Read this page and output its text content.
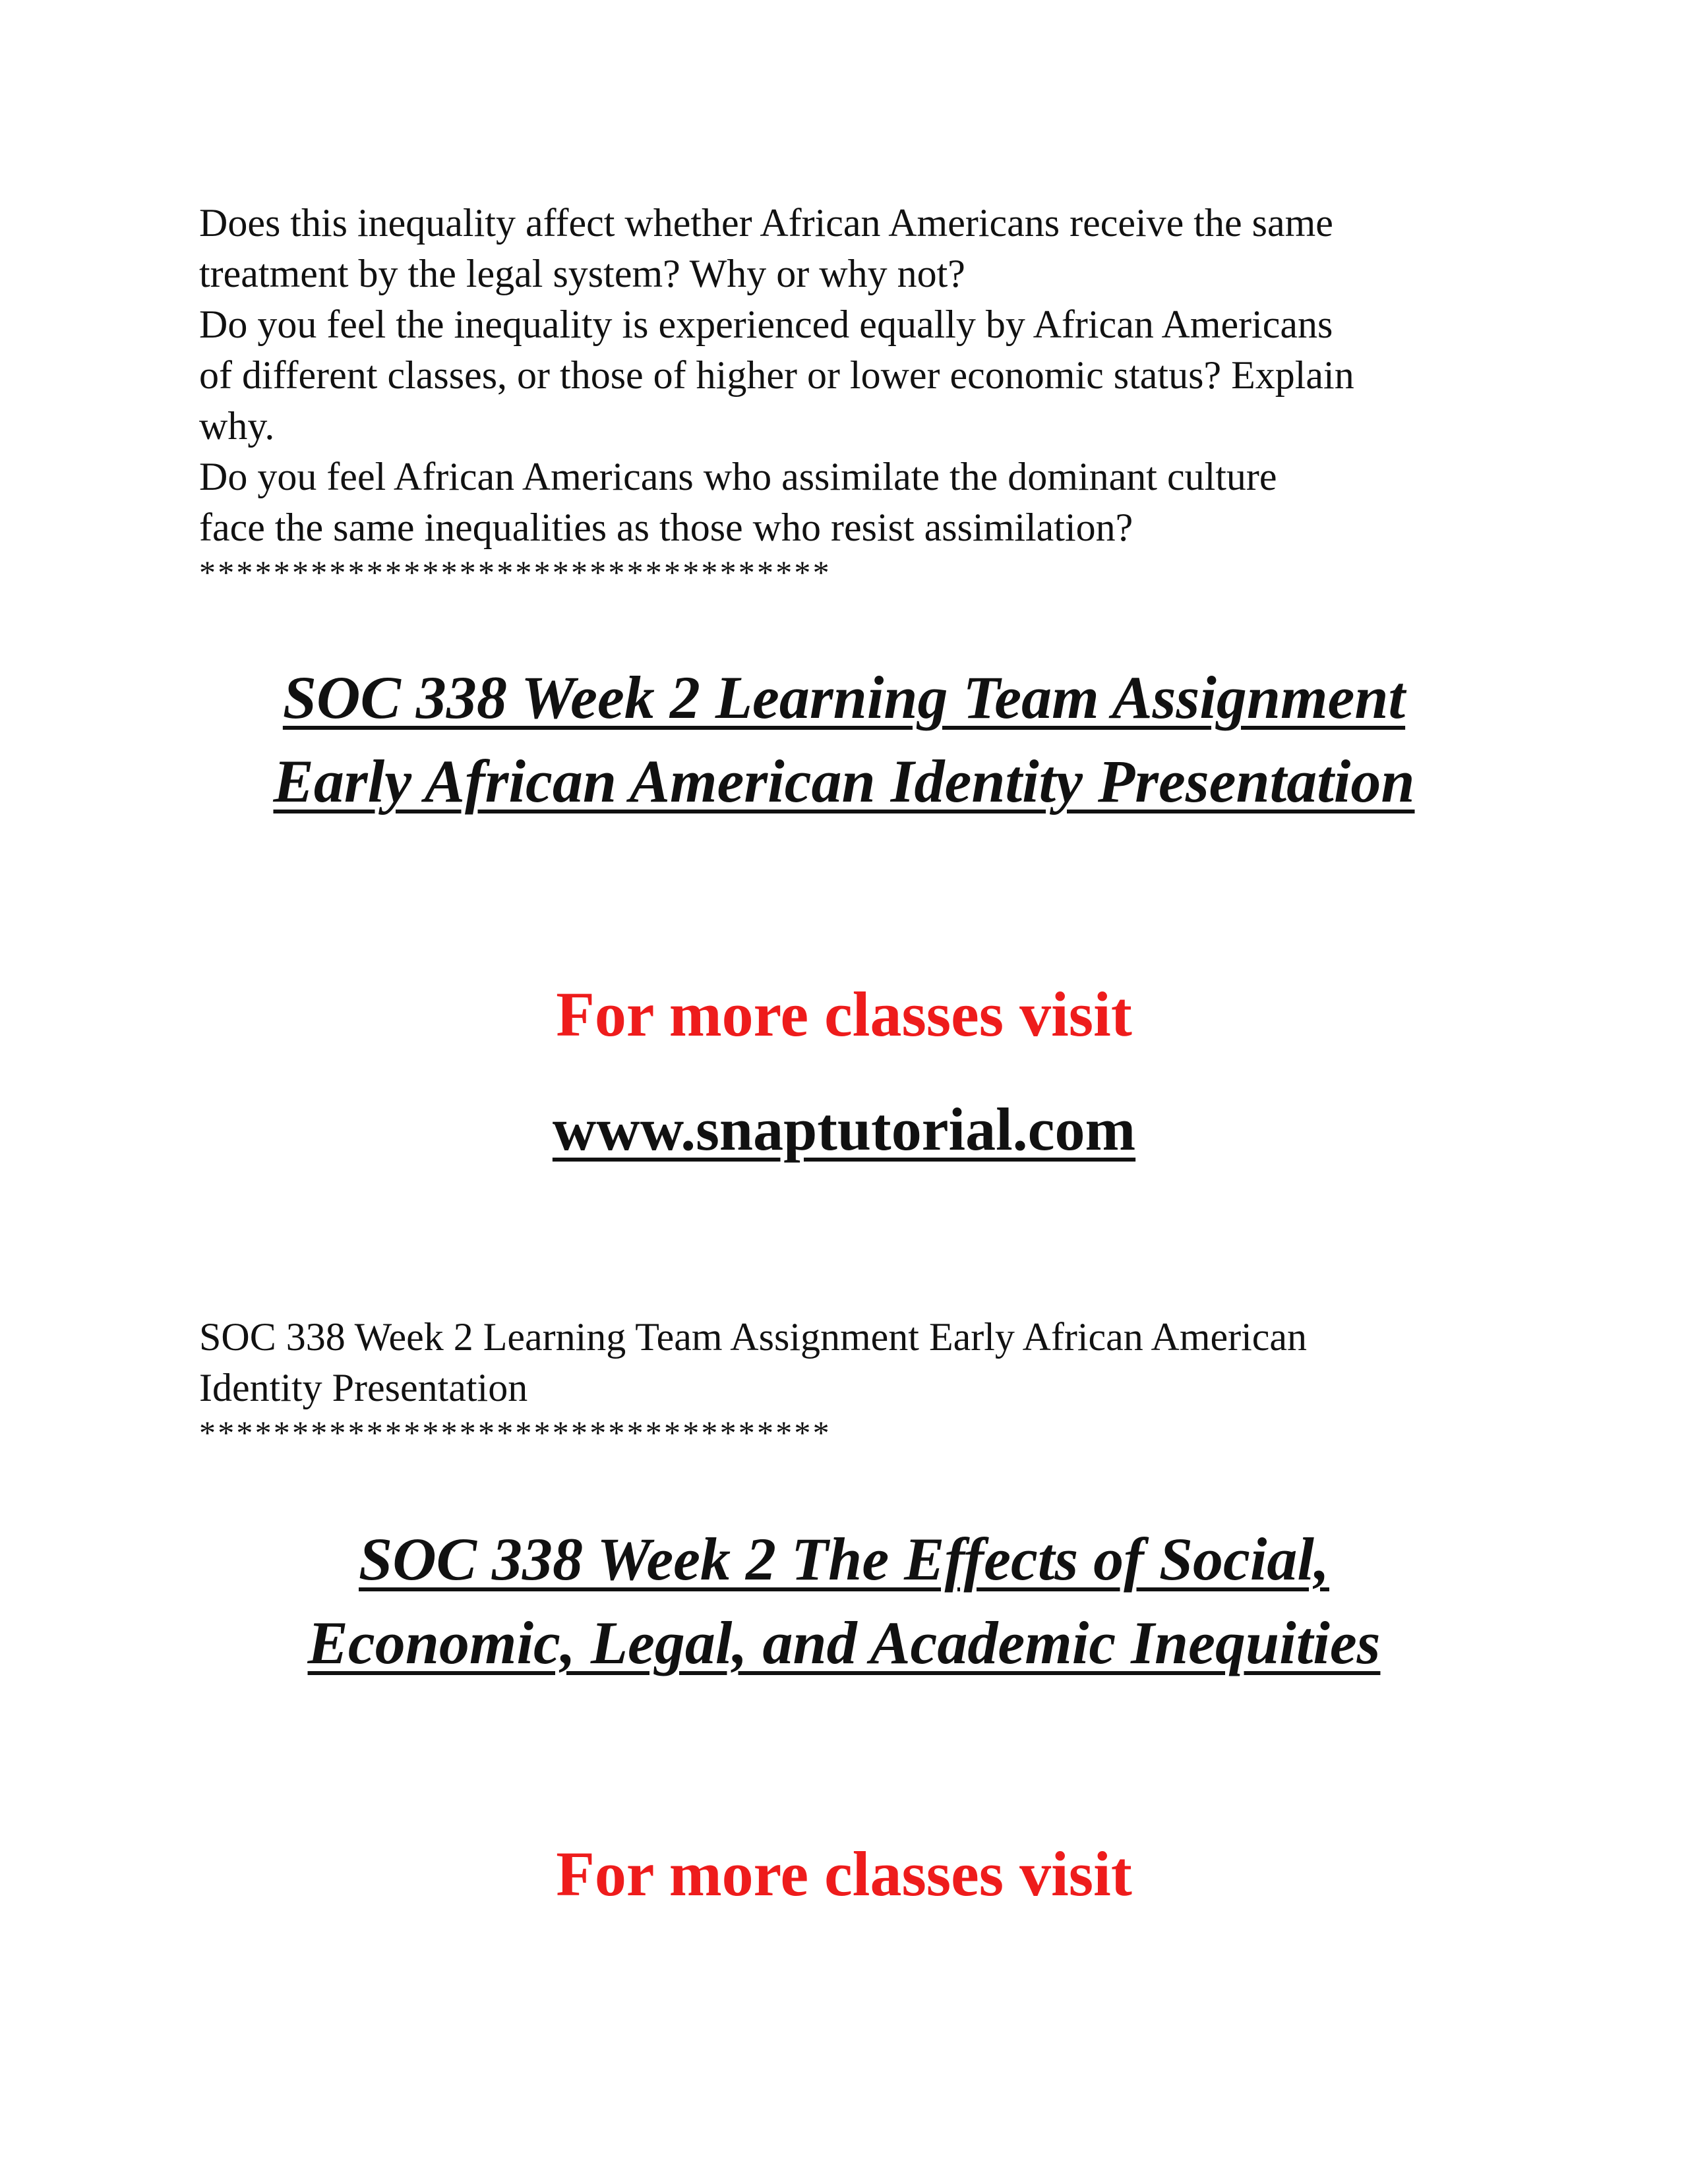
Does this inequality affect whether African Americans receive the same
treatment by the legal system? Why or why not?
Do you feel the inequality is experienced equally by African Americans
of different classes, or those of higher or lower economic status? Explain
why.
Do you feel African Americans who assimilate the dominant culture
face the same inequalities as those who resist assimilation?
**********************************
SOC 338 Week 2 Learning Team Assignment
Early African American Identity Presentation
For more classes visit
www.snaptutorial.com
SOC 338 Week 2 Learning Team Assignment Early African American
Identity Presentation
**********************************
SOC 338 Week 2 The Effects of Social,
Economic, Legal, and Academic Inequities
For more classes visit
